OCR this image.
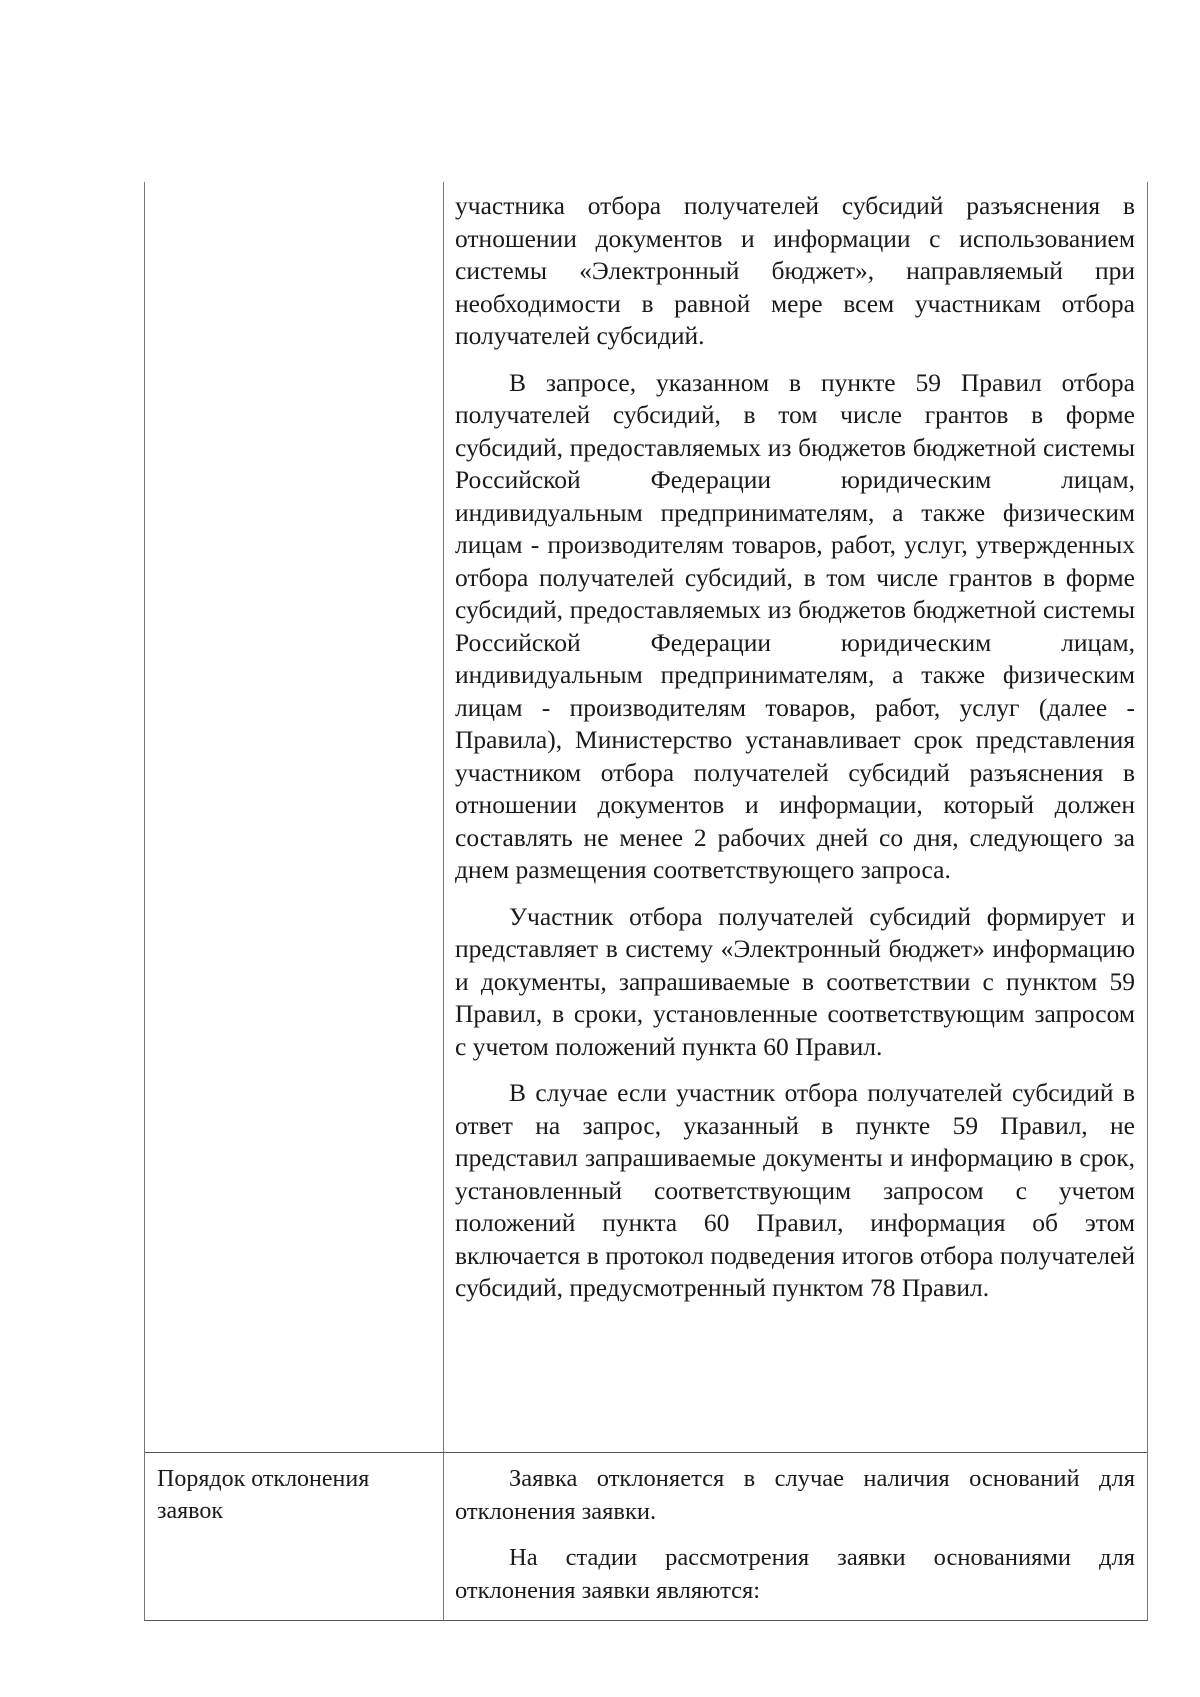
участника отбора получателей субсидий разъяснения в отношении документов и информации с использованием системы «Электронный бюджет», направляемый при необходимости в равной мере всем участникам отбора получателей субсидий.

В запросе, указанном в пункте 59 Правил отбора получателей субсидий, в том числе грантов в форме субсидий, предоставляемых из бюджетов бюджетной системы Российской Федерации юридическим лицам, индивидуальным предпринимателям, а также физическим лицам - производителям товаров, работ, услуг, утвержденных отбора получателей субсидий, в том числе грантов в форме субсидий, предоставляемых из бюджетов бюджетной системы Российской Федерации юридическим лицам, индивидуальным предпринимателям, а также физическим лицам - производителям товаров, работ, услуг (далее - Правила), Министерство устанавливает срок представления участником отбора получателей субсидий разъяснения в отношении документов и информации, который должен составлять не менее 2 рабочих дней со дня, следующего за днем размещения соответствующего запроса.

Участник отбора получателей субсидий формирует и представляет в систему «Электронный бюджет» информацию и документы, запрашиваемые в соответствии с пунктом 59 Правил, в сроки, установленные соответствующим запросом с учетом положений пункта 60 Правил.

В случае если участник отбора получателей субсидий в ответ на запрос, указанный в пункте 59 Правил, не представил запрашиваемые документы и информацию в срок, установленный соответствующим запросом с учетом положений пункта 60 Правил, информация об этом включается в протокол подведения итогов отбора получателей субсидий, предусмотренный пунктом 78 Правил.

Порядок отклонения заявок

Заявка отклоняется в случае наличия оснований для отклонения заявки.

На стадии рассмотрения заявки основаниями для отклонения заявки являются:
